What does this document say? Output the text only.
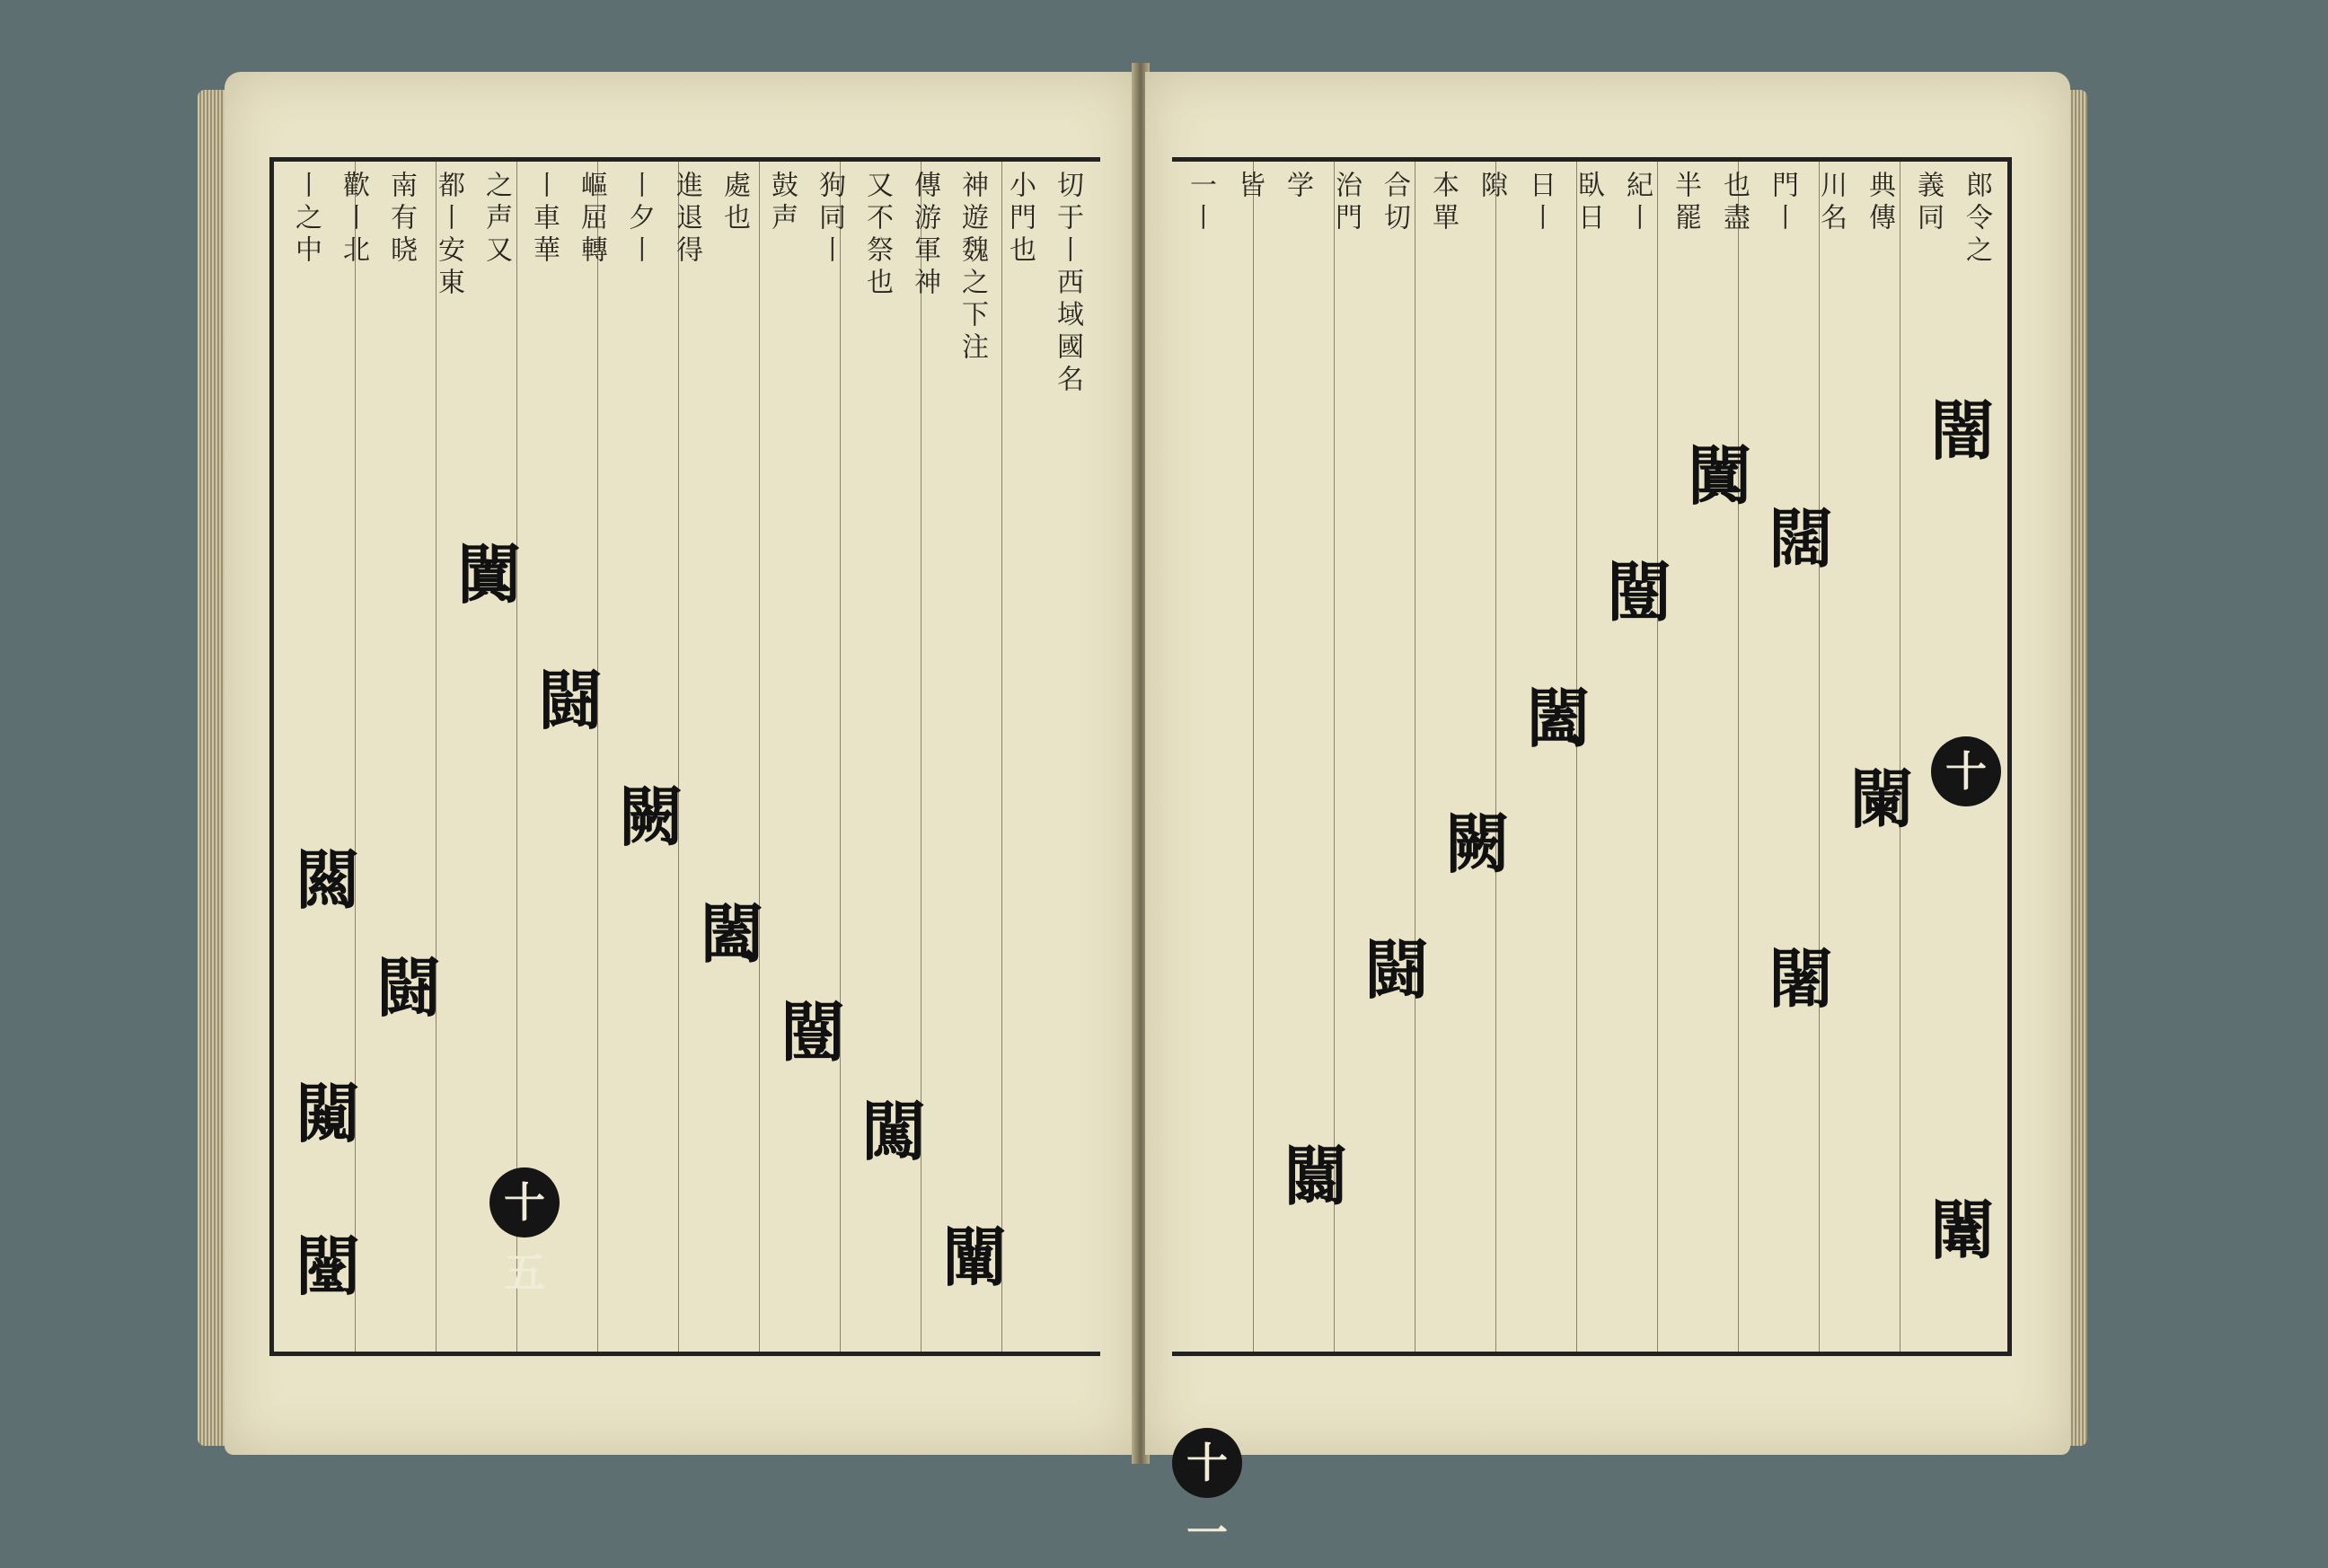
切于丨西域國名
小門也
神遊魏之下注
傳游軍神
又不祭也
狗同丨
鼓声
處也
進退得
丨夕丨
嶇屈轉
丨車華
之声又
都丨安東
南有晓
歡丨北
丨之中
闐
闘
闕
闔
闓
闖
闘
闗
闚
闛	闡
十五
郎令之
義同
典傳
川名
門丨
也盡
半罷
紀丨
臥日
日丨
隙
本單
合切
治門
学
皆
一丨
闇
闈
闊
闌
闍
闐
闓
闔
闕
闘
闒
十
十一
